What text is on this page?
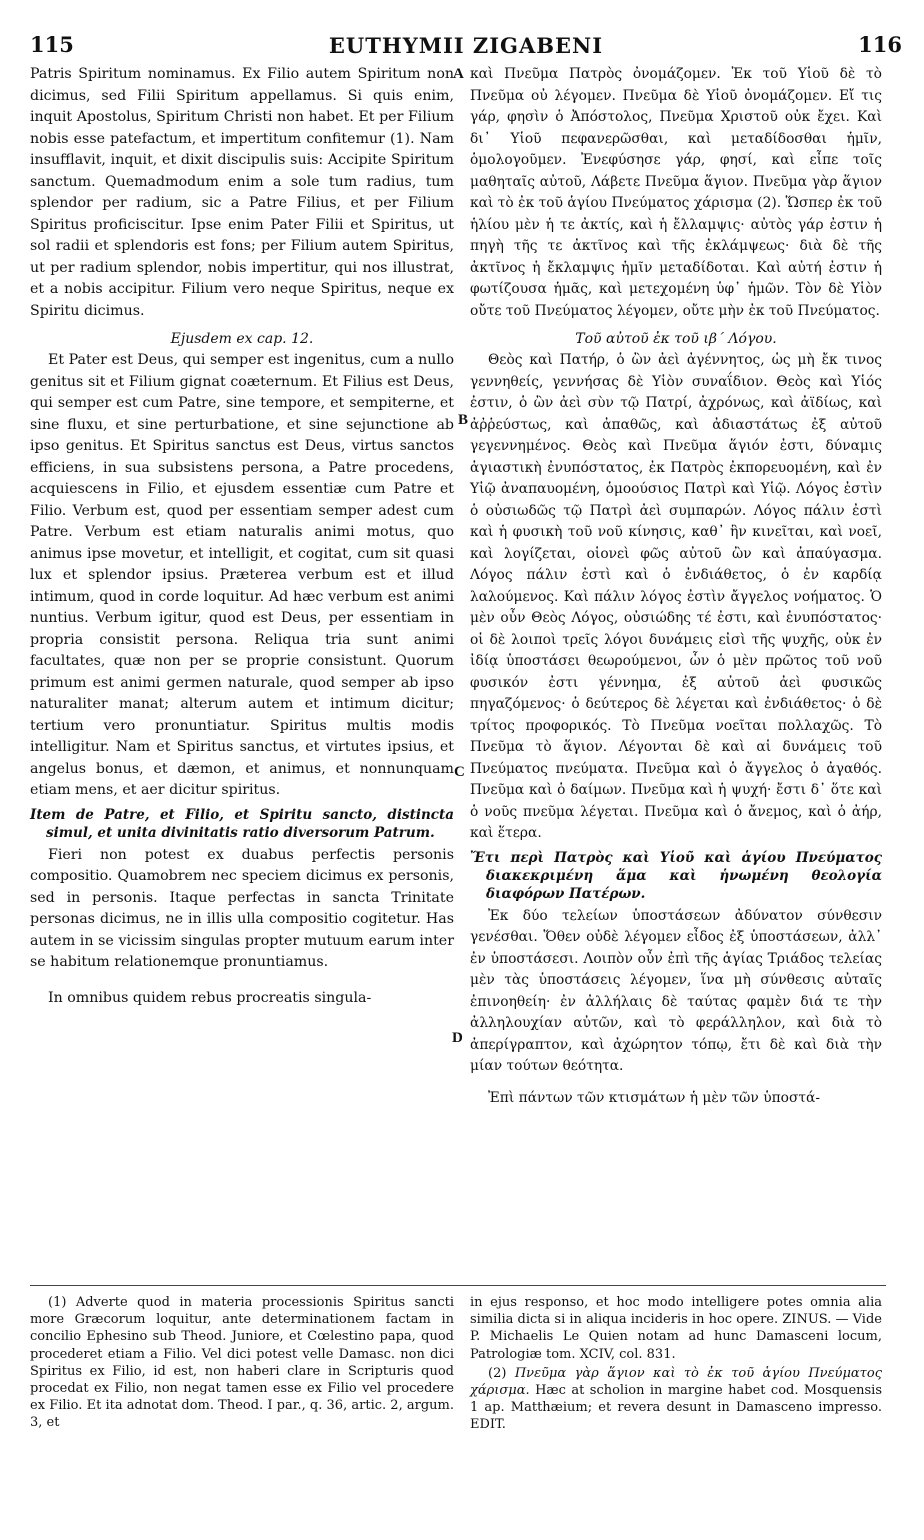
115	EUTHYMII ZIGABENI	116
A
B
C
D

Patris Spiritum nominamus. Ex Filio autem Spiritum non dicimus, sed Filii Spiritum appellamus. Si quis enim, inquit Apostolus, Spiritum Christi non habet. Et per Filium nobis esse patefactum, et impertitum confitemur (1). Nam insufflavit, inquit, et dixit discipulis suis: Accipite Spiritum sanctum. Quemadmodum enim a sole tum radius, tum splendor per radium, sic a Patre Filius, et per Filium Spiritus proficiscitur. Ipse enim Pater Filii et Spiritus, ut sol radii et splendoris est fons; per Filium autem Spiritus, ut per radium splendor, nobis impertitur, qui nos illustrat, et a nobis accipitur. Filium vero neque Spiritus, neque ex Spiritu dicimus.

Ejusdem ex cap. 12.

Et Pater est Deus, qui semper est ingenitus, cum a nullo genitus sit et Filium gignat coæternum. Et Filius est Deus, qui semper est cum Patre, sine tempore, et sempiterne, et sine fluxu, et sine perturbatione, et sine sejunctione ab ipso genitus. Et Spiritus sanctus est Deus, virtus sanctos efficiens, in sua subsistens persona, a Patre procedens, acquiescens in Filio, et ejusdem essentiæ cum Patre et Filio. Verbum est, quod per essentiam semper adest cum Patre. Verbum est etiam naturalis animi motus, quo animus ipse movetur, et intelligit, et cogitat, cum sit quasi lux et splendor ipsius. Præterea verbum est et illud intimum, quod in corde loquitur. Ad hæc verbum est animi nuntius. Verbum igitur, quod est Deus, per essentiam in propria consistit persona. Reliqua tria sunt animi facultates, quæ non per se proprie consistunt. Quorum primum est animi germen naturale, quod semper ab ipso naturaliter manat; alterum autem et intimum dicitur; tertium vero pronuntiatur. Spiritus multis modis intelligitur. Nam et Spiritus sanctus, et virtutes ipsius, et angelus bonus, et dæmon, et animus, et nonnunquam etiam mens, et aer dicitur spiritus.

Item de Patre, et Filio, et Spiritu sancto, distincta simul, et unita divinitatis ratio diversorum Patrum.

Fieri non potest ex duabus perfectis personis compositio. Quamobrem nec speciem dicimus ex personis, sed in personis. Itaque perfectas in sancta Trinitate personas dicimus, ne in illis ulla compositio cogitetur. Has autem in se vicissim singulas propter mutuum earum inter se habitum relationemque pronuntiamus.

In omnibus quidem rebus procreatis singula-

καὶ Πνεῦμα Πατρὸς ὀνομάζομεν. Ἐκ τοῦ Υἱοῦ δὲ τὸ Πνεῦμα οὐ λέγομεν. Πνεῦμα δὲ Υἱοῦ ὀνομάζομεν. Εἴ τις γάρ, φησὶν ὁ Ἀπόστολος, Πνεῦμα Χριστοῦ οὐκ ἔχει. Καὶ δι᾽ Υἱοῦ πεφανερῶσθαι, καὶ μεταδίδοσθαι ἡμῖν, ὁμολογοῦμεν. Ἐνεφύσησε γάρ, φησί, καὶ εἶπε τοῖς μαθηταῖς αὐτοῦ, Λάβετε Πνεῦμα ἅγιον. Πνεῦμα γὰρ ἅγιον καὶ τὸ ἐκ τοῦ ἁγίου Πνεύματος χάρισμα (2). Ὥσπερ ἐκ τοῦ ἡλίου μὲν ἡ τε ἀκτίς, καὶ ἡ ἔλλαμψις· αὐτὸς γάρ ἐστιν ἡ πηγὴ τῆς τε ἀκτῖνος καὶ τῆς ἐκλάμψεως· διὰ δὲ τῆς ἀκτῖνος ἡ ἔκλαμψις ἡμῖν μεταδίδοται. Καὶ αὐτή ἐστιν ἡ φωτίζουσα ἡμᾶς, καὶ μετεχομένη ὑφ᾽ ἡμῶν. Τὸν δὲ Υἱὸν οὔτε τοῦ Πνεύματος λέγομεν, οὔτε μὴν ἐκ τοῦ Πνεύματος.

Τοῦ αὐτοῦ ἐκ τοῦ ιβ´ Λόγου.

Θεὸς καὶ Πατήρ, ὁ ὢν ἀεὶ ἀγέννητος, ὡς μὴ ἔκ τινος γεννηθείς, γεννήσας δὲ Υἱὸν συναΐδιον. Θεὸς καὶ Υἱός ἐστιν, ὁ ὢν ἀεὶ σὺν τῷ Πατρί, ἀχρόνως, καὶ ἀϊδίως, καὶ ἀῤῥεύστως, καὶ ἀπαθῶς, καὶ ἀδιαστάτως ἐξ αὐτοῦ γεγεννημένος. Θεὸς καὶ Πνεῦμα ἅγιόν ἐστι, δύναμις ἁγιαστικὴ ἐνυπόστατος, ἐκ Πατρὸς ἐκπορευομένη, καὶ ἐν Υἱῷ ἀναπαυομένη, ὁμοούσιος Πατρὶ καὶ Υἱῷ. Λόγος ἐστὶν ὁ οὐσιωδῶς τῷ Πατρὶ ἀεὶ συμπαρών. Λόγος πάλιν ἐστὶ καὶ ἡ φυσικὴ τοῦ νοῦ κίνησις, καθ᾽ ἣν κινεῖται, καὶ νοεῖ, καὶ λογίζεται, οἱονεὶ φῶς αὐτοῦ ὢν καὶ ἀπαύγασμα. Λόγος πάλιν ἐστὶ καὶ ὁ ἐνδιάθετος, ὁ ἐν καρδίᾳ λαλούμενος. Καὶ πάλιν λόγος ἐστὶν ἄγγελος νοήματος. Ὁ μὲν οὖν Θεὸς Λόγος, οὐσιώδης τέ ἐστι, καὶ ἐνυπόστατος· οἱ δὲ λοιποὶ τρεῖς λόγοι δυνάμεις εἰσὶ τῆς ψυχῆς, οὐκ ἐν ἰδίᾳ ὑποστάσει θεωρούμενοι, ὧν ὁ μὲν πρῶτος τοῦ νοῦ φυσικόν ἐστι γέννημα, ἐξ αὐτοῦ ἀεὶ φυσικῶς πηγαζόμενος· ὁ δεύτερος δὲ λέγεται καὶ ἐνδιάθετος· ὁ δὲ τρίτος προφορικός. Τὸ Πνεῦμα νοεῖται πολλαχῶς. Τὸ Πνεῦμα τὸ ἅγιον. Λέγονται δὲ καὶ αἱ δυνάμεις τοῦ Πνεύματος πνεύματα. Πνεῦμα καὶ ὁ ἄγγελος ὁ ἀγαθός. Πνεῦμα καὶ ὁ δαίμων. Πνεῦμα καὶ ἡ ψυχή· ἔστι δ᾽ ὅτε καὶ ὁ νοῦς πνεῦμα λέγεται. Πνεῦμα καὶ ὁ ἄνεμος, καὶ ὁ ἀήρ, καὶ ἕτερα.

Ἔτι περὶ Πατρὸς καὶ Υἱοῦ καὶ ἁγίου Πνεύματος διακεκριμένη ἅμα καὶ ἡνωμένη θεολογία διαφόρων Πατέρων.

Ἐκ δύο τελείων ὑποστάσεων ἀδύνατον σύνθεσιν γενέσθαι. Ὅθεν οὐδὲ λέγομεν εἶδος ἐξ ὑποστάσεων, ἀλλ᾽ ἐν ὑποστάσεσι. Λοιπὸν οὖν ἐπὶ τῆς ἁγίας Τριάδος τελείας μὲν τὰς ὑποστάσεις λέγομεν, ἵνα μὴ σύνθεσις αὐταῖς ἐπινοηθείη· ἐν ἀλλήλαις δὲ ταύτας φαμὲν διά τε τὴν ἀλληλουχίαν αὐτῶν, καὶ τὸ φεράλληλον, καὶ διὰ τὸ ἀπερίγραπτον, καὶ ἀχώρητον τόπῳ, ἔτι δὲ καὶ διὰ τὴν μίαν τούτων θεότητα.

Ἐπὶ πάντων τῶν κτισμάτων ἡ μὲν τῶν ὑποστά-

(1) Adverte quod in materia processionis Spiritus sancti more Græcorum loquitur, ante determinationem factam in concilio Ephesino sub Theod. Juniore, et Cœlestino papa, quod procederet etiam a Filio. Vel dici potest velle Damasc. non dici Spiritus ex Filio, id est, non haberi clare in Scripturis quod procedat ex Filio, non negat tamen esse ex Filio vel procedere ex Filio. Et ita adnotat dom. Theod. I par., q. 36, artic. 2, argum. 3, et

in ejus responso, et hoc modo intelligere potes omnia alia similia dicta si in aliqua incideris in hoc opere. ZINUS. — Vide P. Michaelis Le Quien notam ad hunc Damasceni locum, Patrologiæ tom. XCIV, col. 831.

(2) Πνεῦμα γὰρ ἅγιον καὶ τὸ ἐκ τοῦ ἁγίου Πνεύματος χάρισμα. Hæc at scholion in margine habet cod. Mosquensis 1 ap. Matthæium; et revera desunt in Damasceno impresso. EDIT.
